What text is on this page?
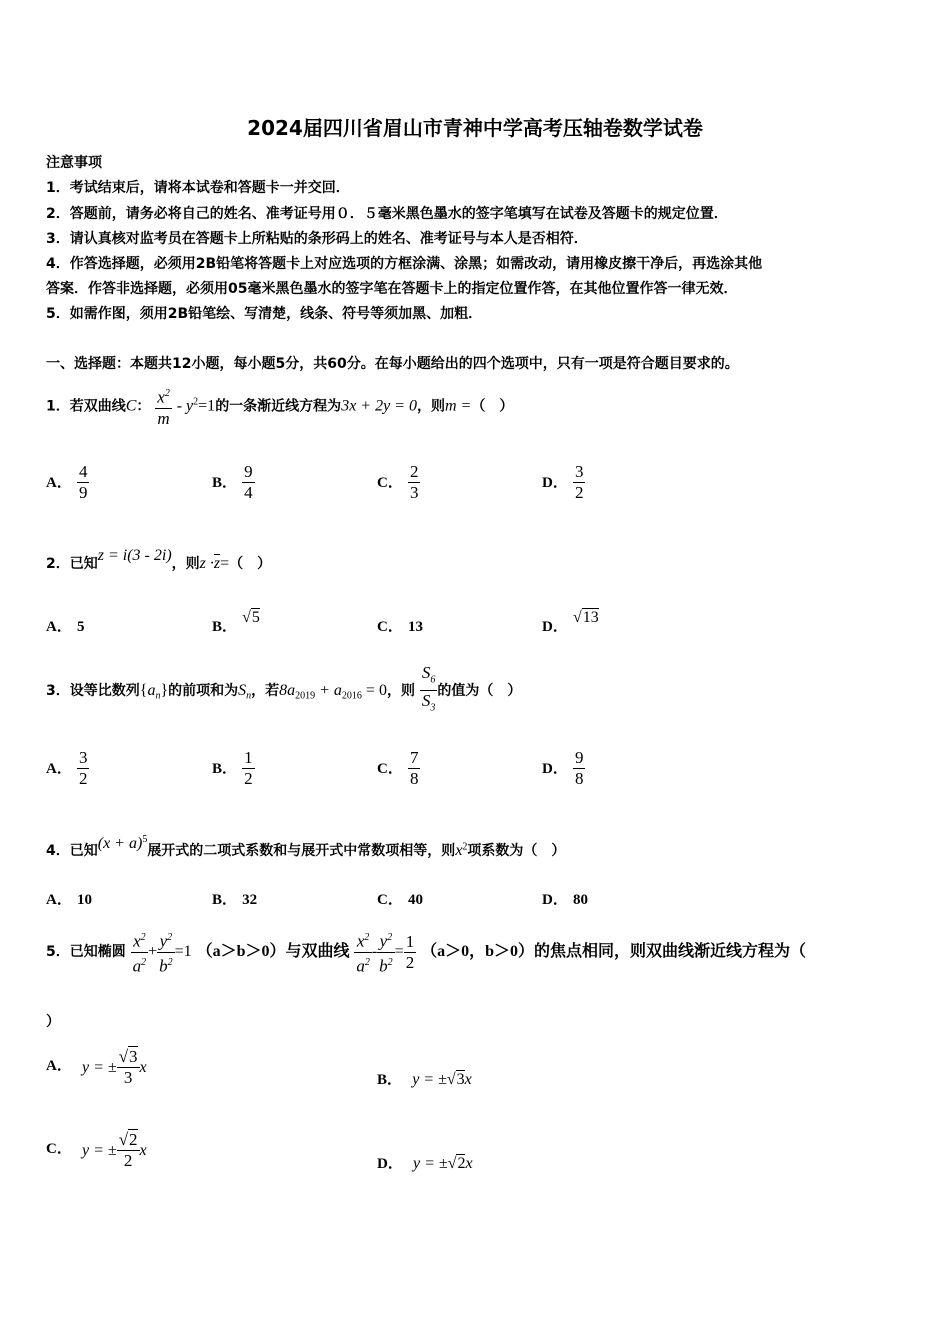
2024届四川省眉山市青神中学高考压轴卷数学试卷
注意事项
1．考试结束后，请将本试卷和答题卡一并交回．
2．答题前，请务必将自己的姓名、准考证号用０．５毫米黑色墨水的签字笔填写在试卷及答题卡的规定位置．
3．请认真核对监考员在答题卡上所粘贴的条形码上的姓名、准考证号与本人是否相符．
4．作答选择题，必须用2B铅笔将答题卡上对应选项的方框涂满、涂黑；如需改动，请用橡皮擦干净后，再选涂其他
答案．作答非选择题，必须用05毫米黑色墨水的签字笔在答题卡上的指定位置作答，在其他位置作答一律无效．
5．如需作图，须用2B铅笔绘、写清楚，线条、符号等须加黑、加粗．
一、选择题：本题共12小题，每小题5分，共60分。在每小题给出的四个选项中，只有一项是符合题目要求的。
1．若双曲线C： $\frac{x^2}{m} - y^2=1$的一条渐近线方程为3x + 2y = 0，则m =（　）
A． $\frac{4}{9}$	B． $\frac{9}{4}$	C． $\frac{2}{3}$	D． $\frac{3}{2}$
2．已知z = i(3 - 2i)，则$z \cdot\overline{z}=$（　）
A． 5	B． √5
C． 13	D． √13
3．设等比数列$\{a_n\}$的前项和为$S_n$，若$8a_{2019} + a_{2016} = 0$，则 $\frac{S_6}{S_3}$ 的值为（　）
A． $\frac{3}{2}$	B． $\frac{1}{2}$	C． $\frac{7}{8}$	D． $\frac{9}{8}$
4．已知$(x + a)^5$展开式的二项式系数和与展开式中常数项相等，则$x^2$项系数为（　）
A． 10	B． 32	C． 40	D． 80
5．已知椭圆 $\frac{x^2}{a^2} + \frac{y^2}{b^2} =1$ （a＞b＞0）与双曲线 $\frac{x^2}{a^2} - \frac{y^2}{b^2} = \frac{1}{2} (a>0$，b＞0）的焦点相同，则双曲线渐近线方程为（
）
A． y = ± $\frac{√3}{3}$ x
B． y = ±√3x
C． y = ± $\frac{√2}{2}$ x
D． y = ±√2x
